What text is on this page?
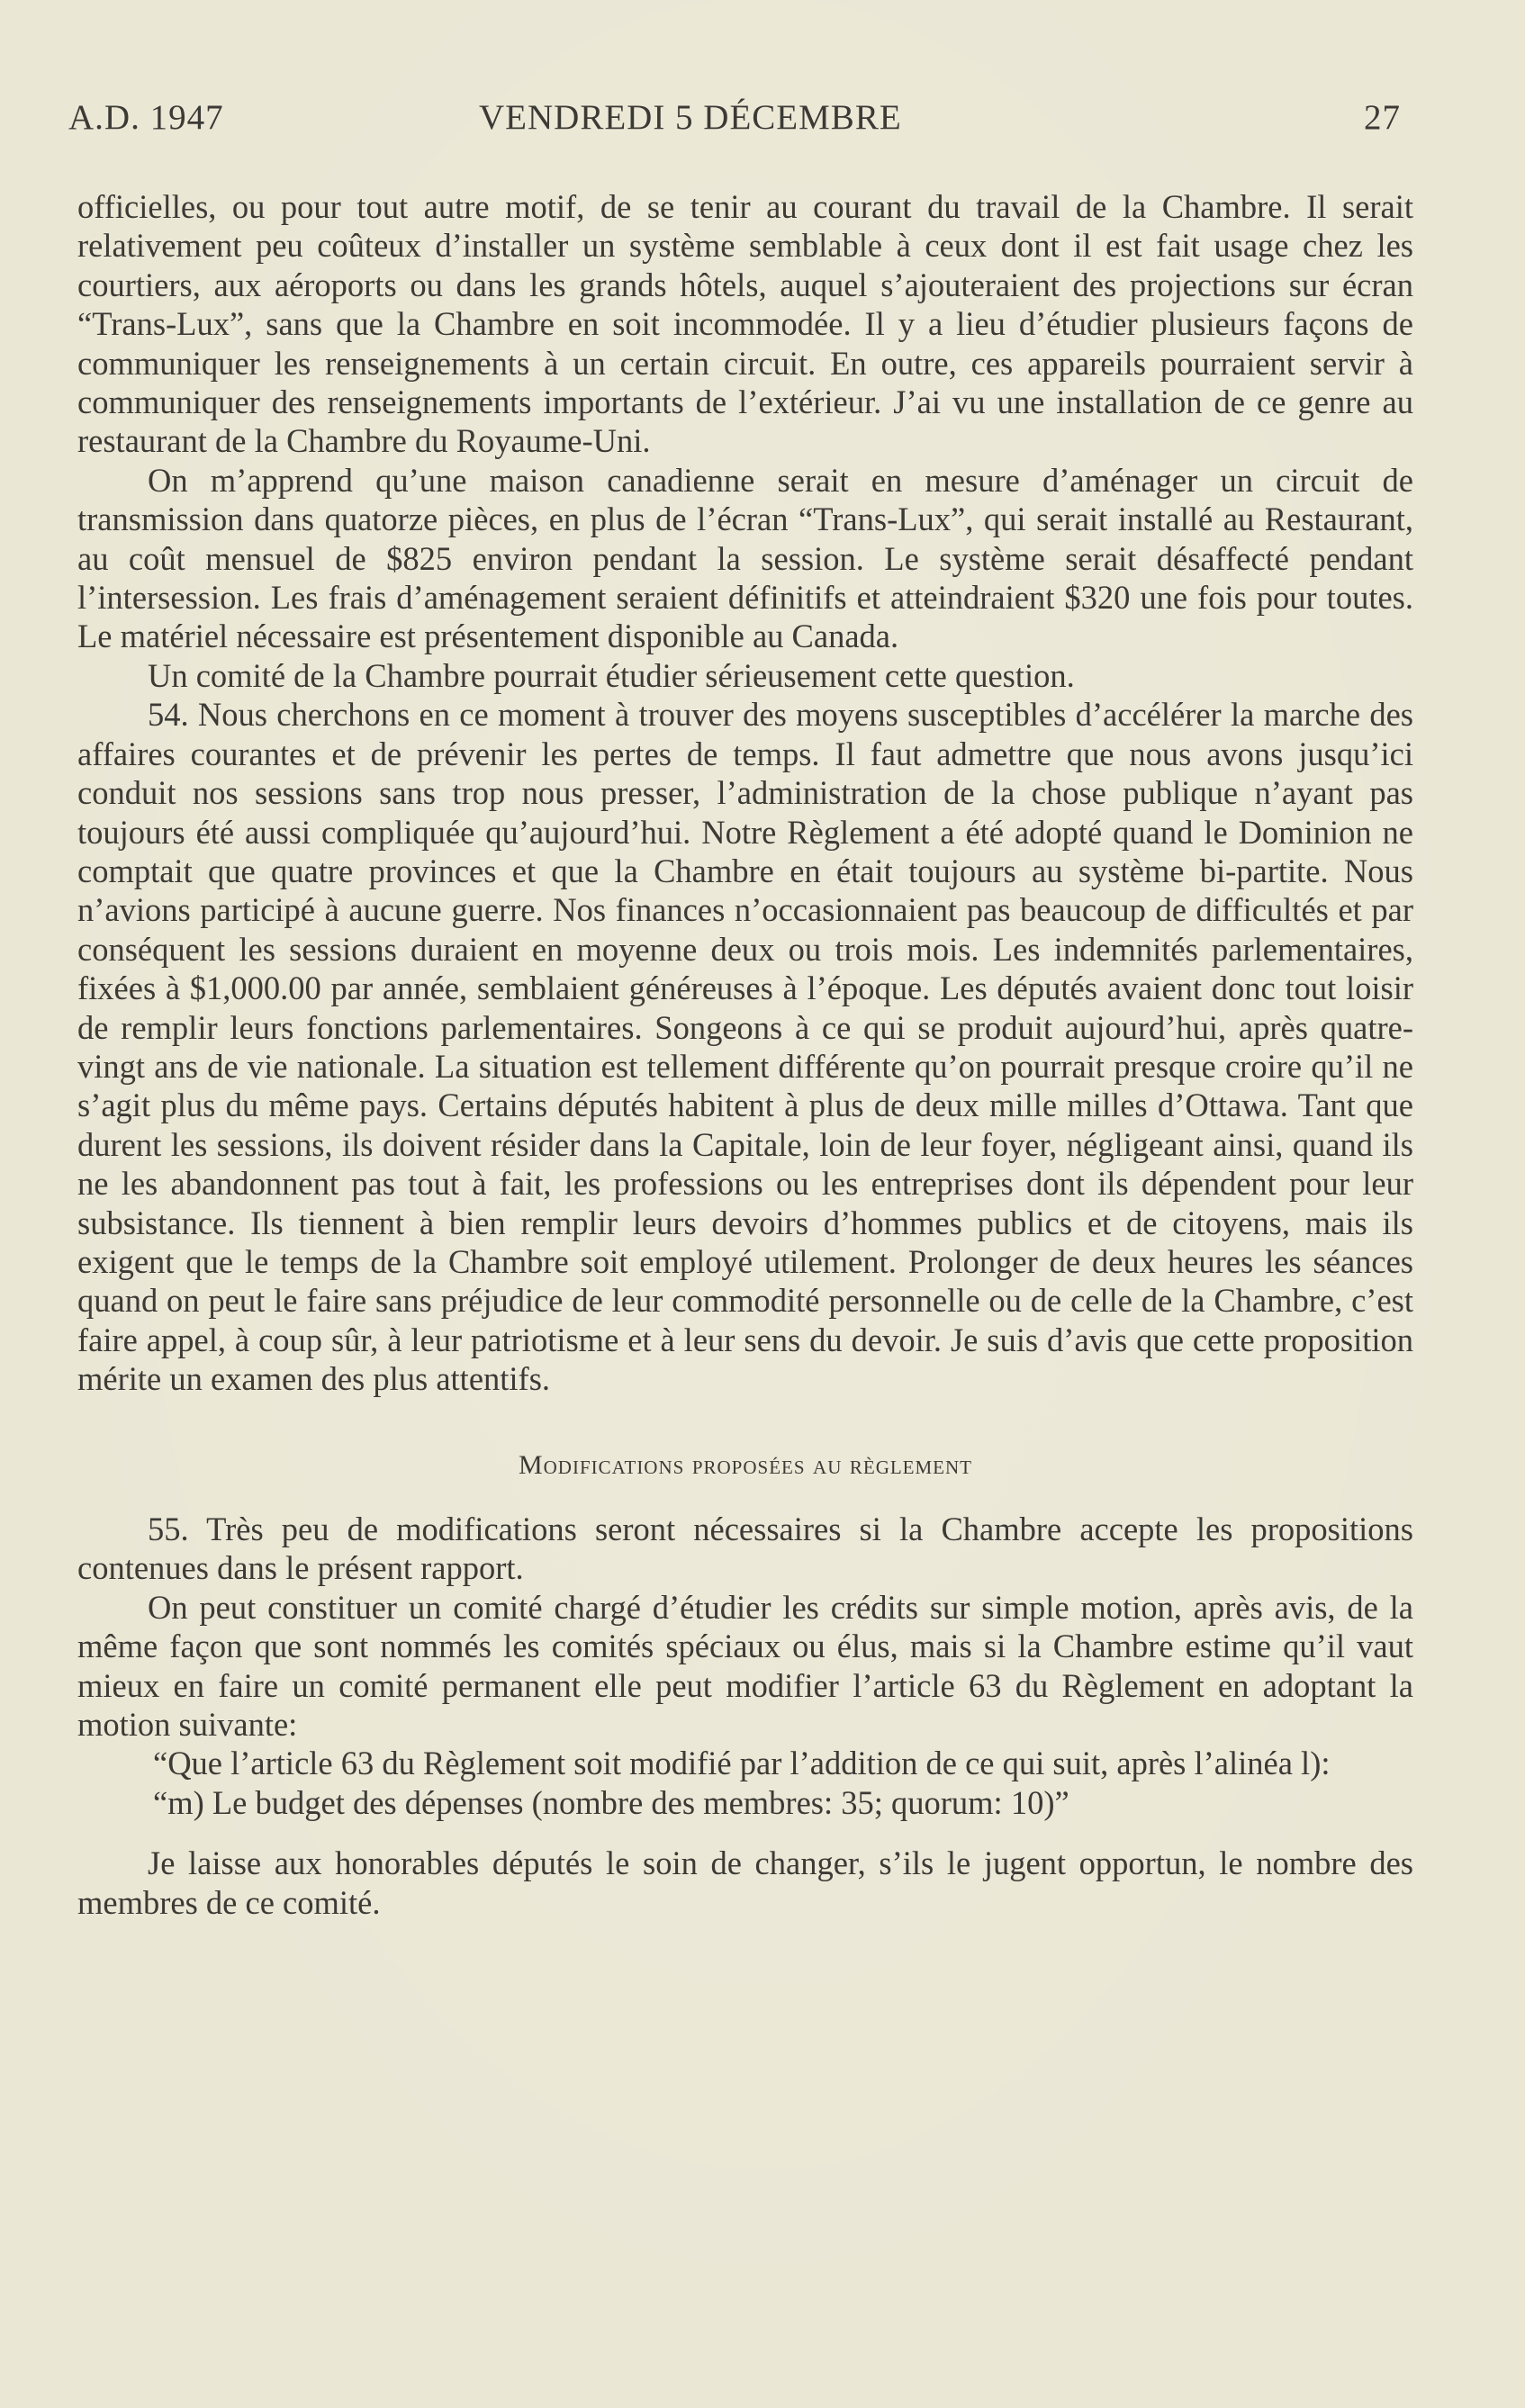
A.D. 1947	VENDREDI 5 DÉCEMBRE	27

officielles, ou pour tout autre motif, de se tenir au courant du travail de la Chambre. Il serait relativement peu coûteux d’installer un système semblable à ceux dont il est fait usage chez les courtiers, aux aéroports ou dans les grands hôtels, auquel s’ajouteraient des projections sur écran “Trans-Lux”, sans que la Chambre en soit incommodée. Il y a lieu d’étudier plusieurs façons de communiquer les renseignements à un certain circuit. En outre, ces appareils pourraient servir à communiquer des renseignements importants de l’extérieur. J’ai vu une installation de ce genre au restaurant de la Chambre du Royaume-Uni.

On m’apprend qu’une maison canadienne serait en mesure d’aménager un circuit de transmission dans quatorze pièces, en plus de l’écran “Trans-Lux”, qui serait installé au Restaurant, au coût mensuel de $825 environ pendant la session. Le système serait désaffecté pendant l’intersession. Les frais d’aménagement seraient définitifs et atteindraient $320 une fois pour toutes. Le matériel nécessaire est présentement disponible au Canada.

Un comité de la Chambre pourrait étudier sérieusement cette question.

54. Nous cherchons en ce moment à trouver des moyens susceptibles d’accélérer la marche des affaires courantes et de prévenir les pertes de temps. Il faut admettre que nous avons jusqu’ici conduit nos sessions sans trop nous presser, l’administration de la chose publique n’ayant pas toujours été aussi compliquée qu’aujourd’hui. Notre Règlement a été adopté quand le Dominion ne comptait que quatre provinces et que la Chambre en était toujours au système bi-partite. Nous n’avions participé à aucune guerre. Nos finances n’occasionnaient pas beaucoup de difficultés et par conséquent les sessions duraient en moyenne deux ou trois mois. Les indemnités parlementaires, fixées à $1,000.00 par année, semblaient généreuses à l’époque. Les députés avaient donc tout loisir de remplir leurs fonctions parlementaires. Songeons à ce qui se produit aujourd’hui, après quatre-vingt ans de vie nationale. La situation est tellement différente qu’on pourrait presque croire qu’il ne s’agit plus du même pays. Certains députés habitent à plus de deux mille milles d’Ottawa. Tant que durent les sessions, ils doivent résider dans la Capitale, loin de leur foyer, négligeant ainsi, quand ils ne les abandonnent pas tout à fait, les professions ou les entreprises dont ils dépendent pour leur subsistance. Ils tiennent à bien remplir leurs devoirs d’hommes publics et de citoyens, mais ils exigent que le temps de la Chambre soit employé utilement. Prolonger de deux heures les séances quand on peut le faire sans préjudice de leur commodité personnelle ou de celle de la Chambre, c’est faire appel, à coup sûr, à leur patriotisme et à leur sens du devoir. Je suis d’avis que cette proposition mérite un examen des plus attentifs.

Modifications proposées au règlement

55. Très peu de modifications seront nécessaires si la Chambre accepte les propositions contenues dans le présent rapport.

On peut constituer un comité chargé d’étudier les crédits sur simple motion, après avis, de la même façon que sont nommés les comités spéciaux ou élus, mais si la Chambre estime qu’il vaut mieux en faire un comité permanent elle peut modifier l’article 63 du Règlement en adoptant la motion suivante:

“Que l’article 63 du Règlement soit modifié par l’addition de ce qui suit, après l’alinéa l):

“m) Le budget des dépenses (nombre des membres: 35; quorum: 10)”

Je laisse aux honorables députés le soin de changer, s’ils le jugent opportun, le nombre des membres de ce comité.
